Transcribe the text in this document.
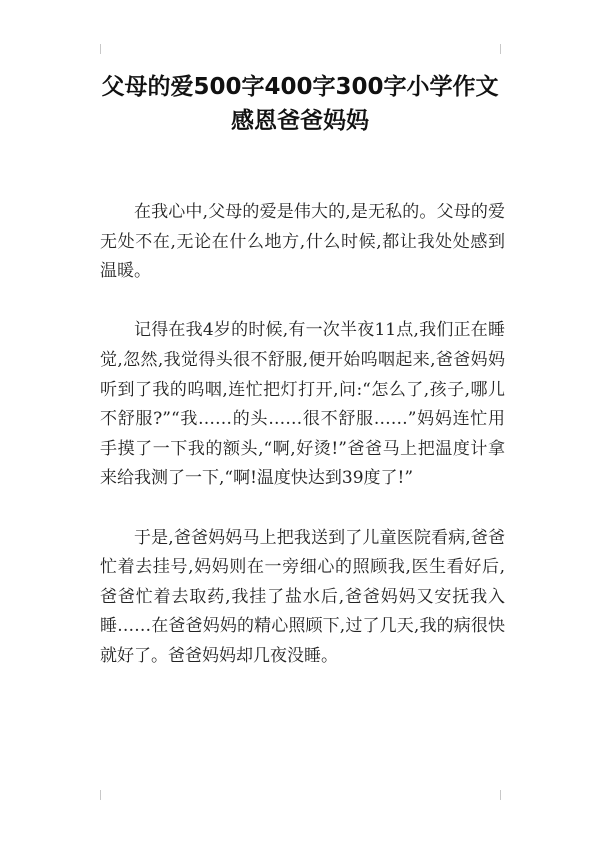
父母的爱500字400字300字小学作文感恩爸爸妈妈

在我心中,父母的爱是伟大的,是无私的。父母的爱无处不在,无论在什么地方,什么时候,都让我处处感到温暖。

记得在我4岁的时候,有一次半夜11点,我们正在睡觉,忽然,我觉得头很不舒服,便开始呜咽起来,爸爸妈妈听到了我的呜咽,连忙把灯打开,问:“怎么了,孩子,哪儿不舒服?”“我……的头……很不舒服……”妈妈连忙用手摸了一下我的额头,“啊,好烫!”爸爸马上把温度计拿来给我测了一下,“啊!温度快达到39度了!”

于是,爸爸妈妈马上把我送到了儿童医院看病,爸爸忙着去挂号,妈妈则在一旁细心的照顾我,医生看好后,爸爸忙着去取药,我挂了盐水后,爸爸妈妈又安抚我入睡……在爸爸妈妈的精心照顾下,过了几天,我的病很快就好了。爸爸妈妈却几夜没睡。
